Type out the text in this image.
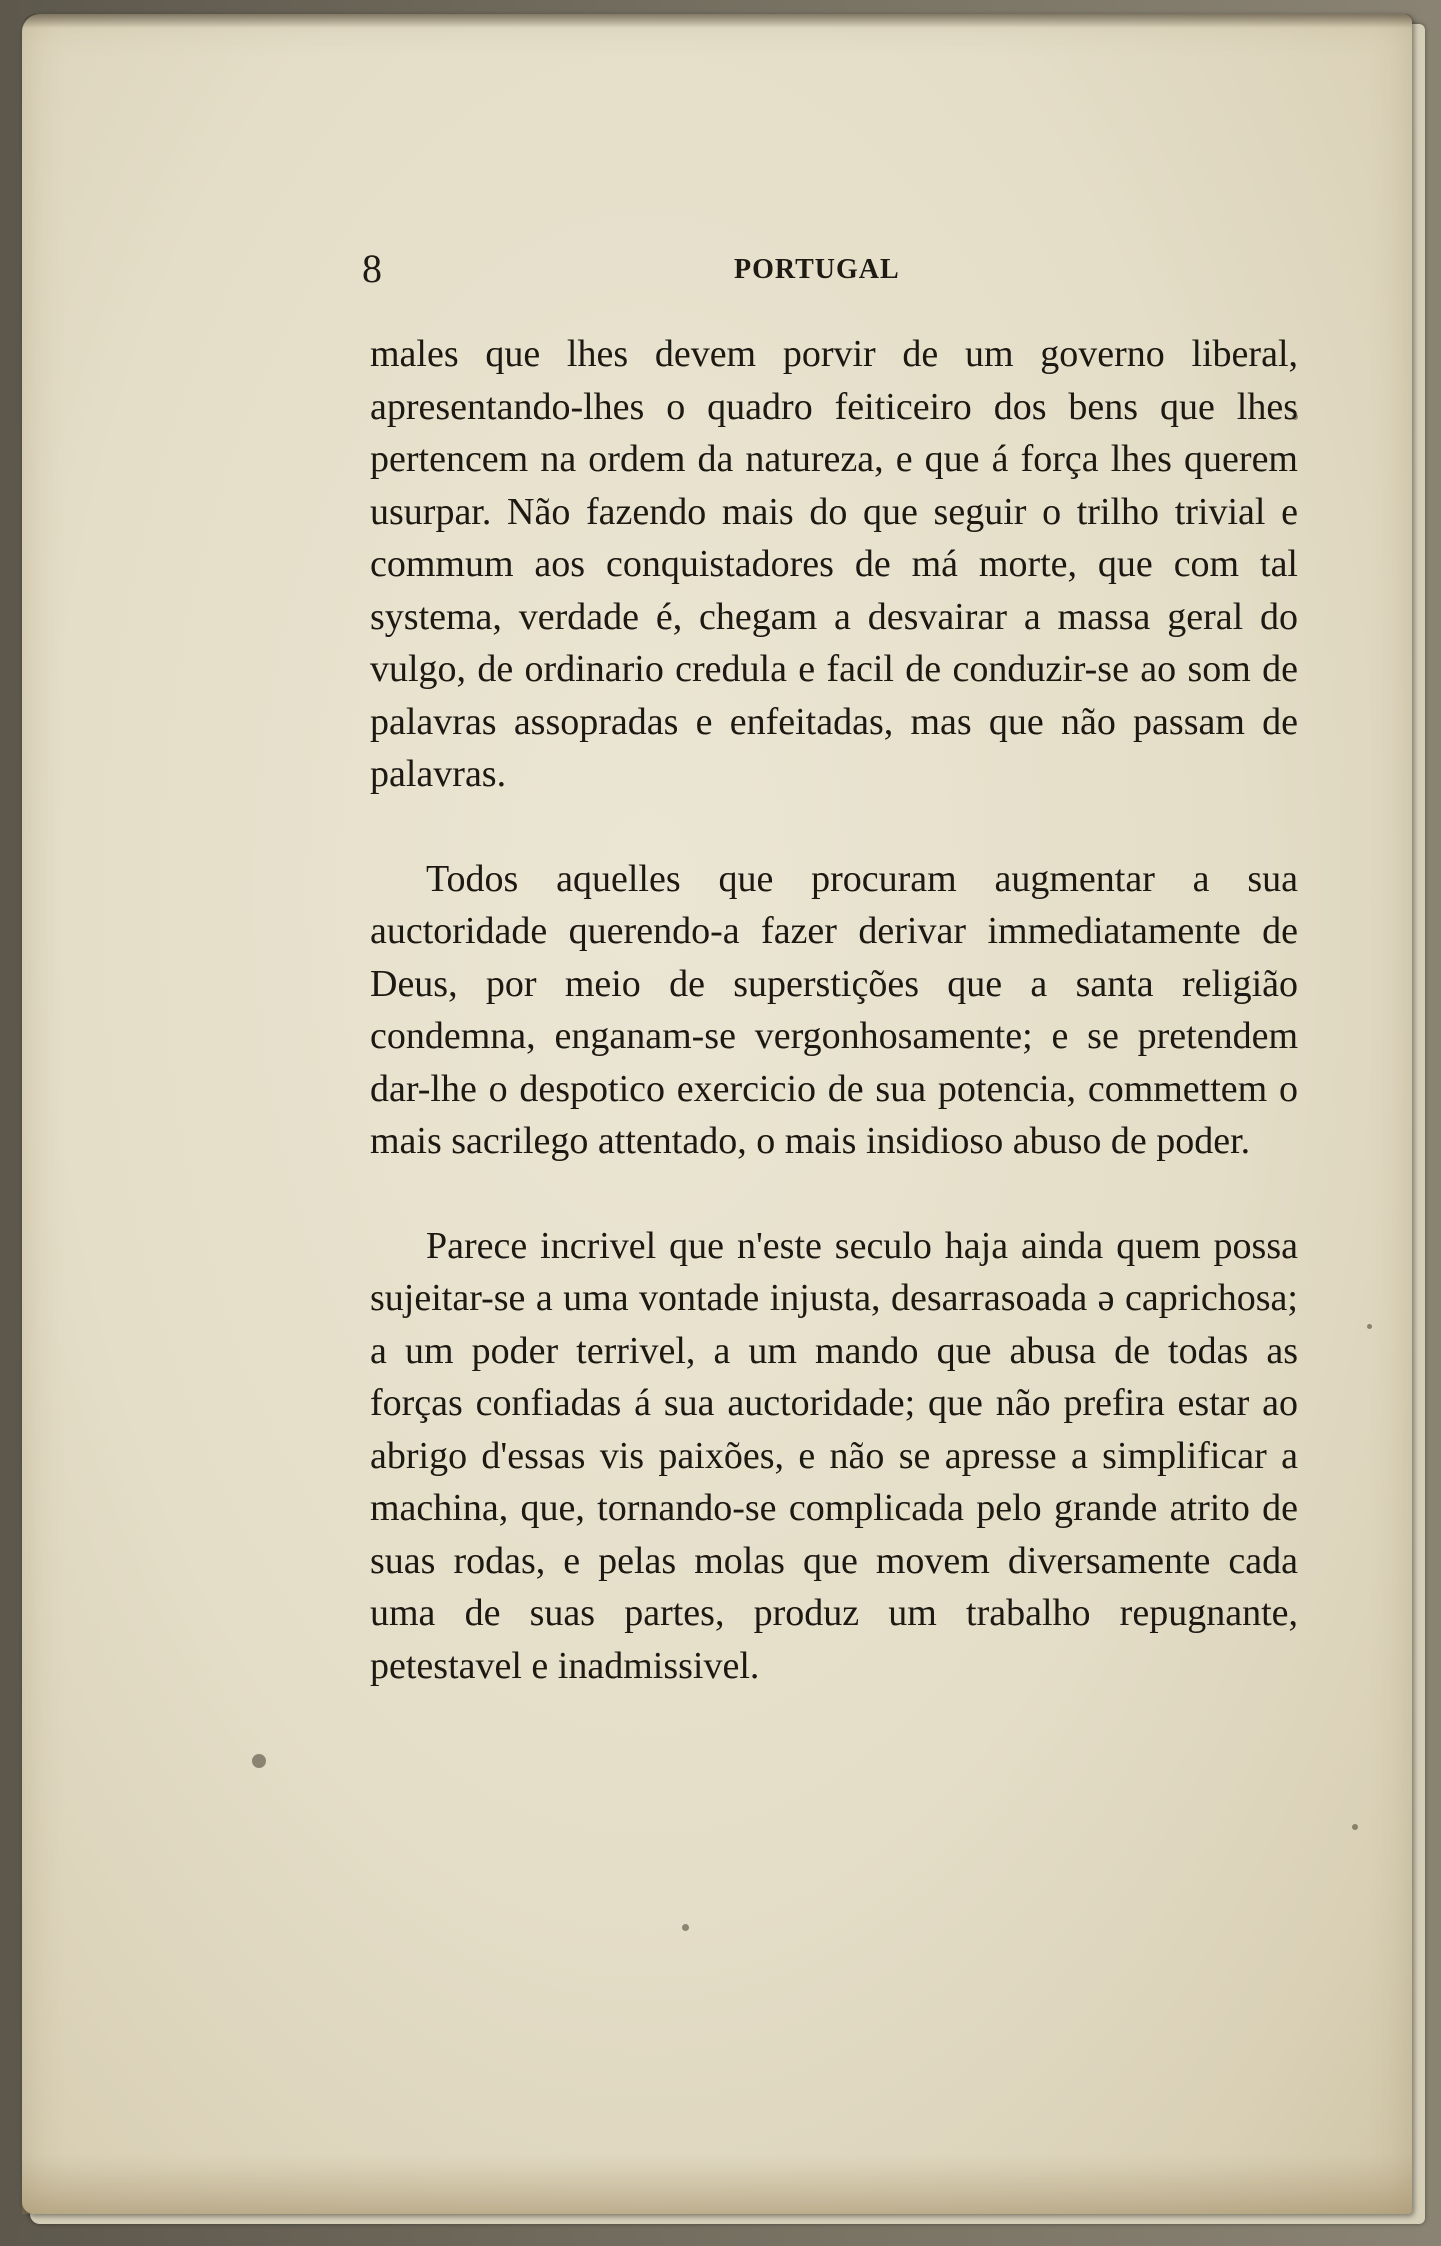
8	PORTUGAL

males que lhes devem porvir de um governo liberal, apresentando-lhes o quadro feiticeiro dos bens que lhes pertencem na ordem da natureza, e que á força lhes querem usurpar. Não fazendo mais do que seguir o trilho trivial e commum aos conquistadores de má morte, que com tal systema, verdade é, chegam a desvairar a massa geral do vulgo, de ordinario credula e facil de conduzir-se ao som de palavras assopradas e enfeitadas, mas que não passam de palavras.

Todos aquelles que procuram augmentar a sua auctoridade querendo-a fazer derivar immediatamente de Deus, por meio de superstições que a santa religião condemna, enganam-se vergonhosamente; e se pretendem dar-lhe o despotico exercicio de sua potencia, commettem o mais sacrilego attentado, o mais insidioso abuso de poder.

Parece incrivel que n'este seculo haja ainda quem possa sujeitar-se a uma vontade injusta, desarrasoada ə caprichosa; a um poder terrivel, a um mando que abusa de todas as forças confiadas á sua auctoridade; que não prefira estar ao abrigo d'essas vis paixões, e não se apresse a simplificar a machina, que, tornando-se complicada pelo grande atrito de suas rodas, e pelas molas que movem diversamente cada uma de suas partes, produz um trabalho repugnante, petestavel e inadmissivel.
